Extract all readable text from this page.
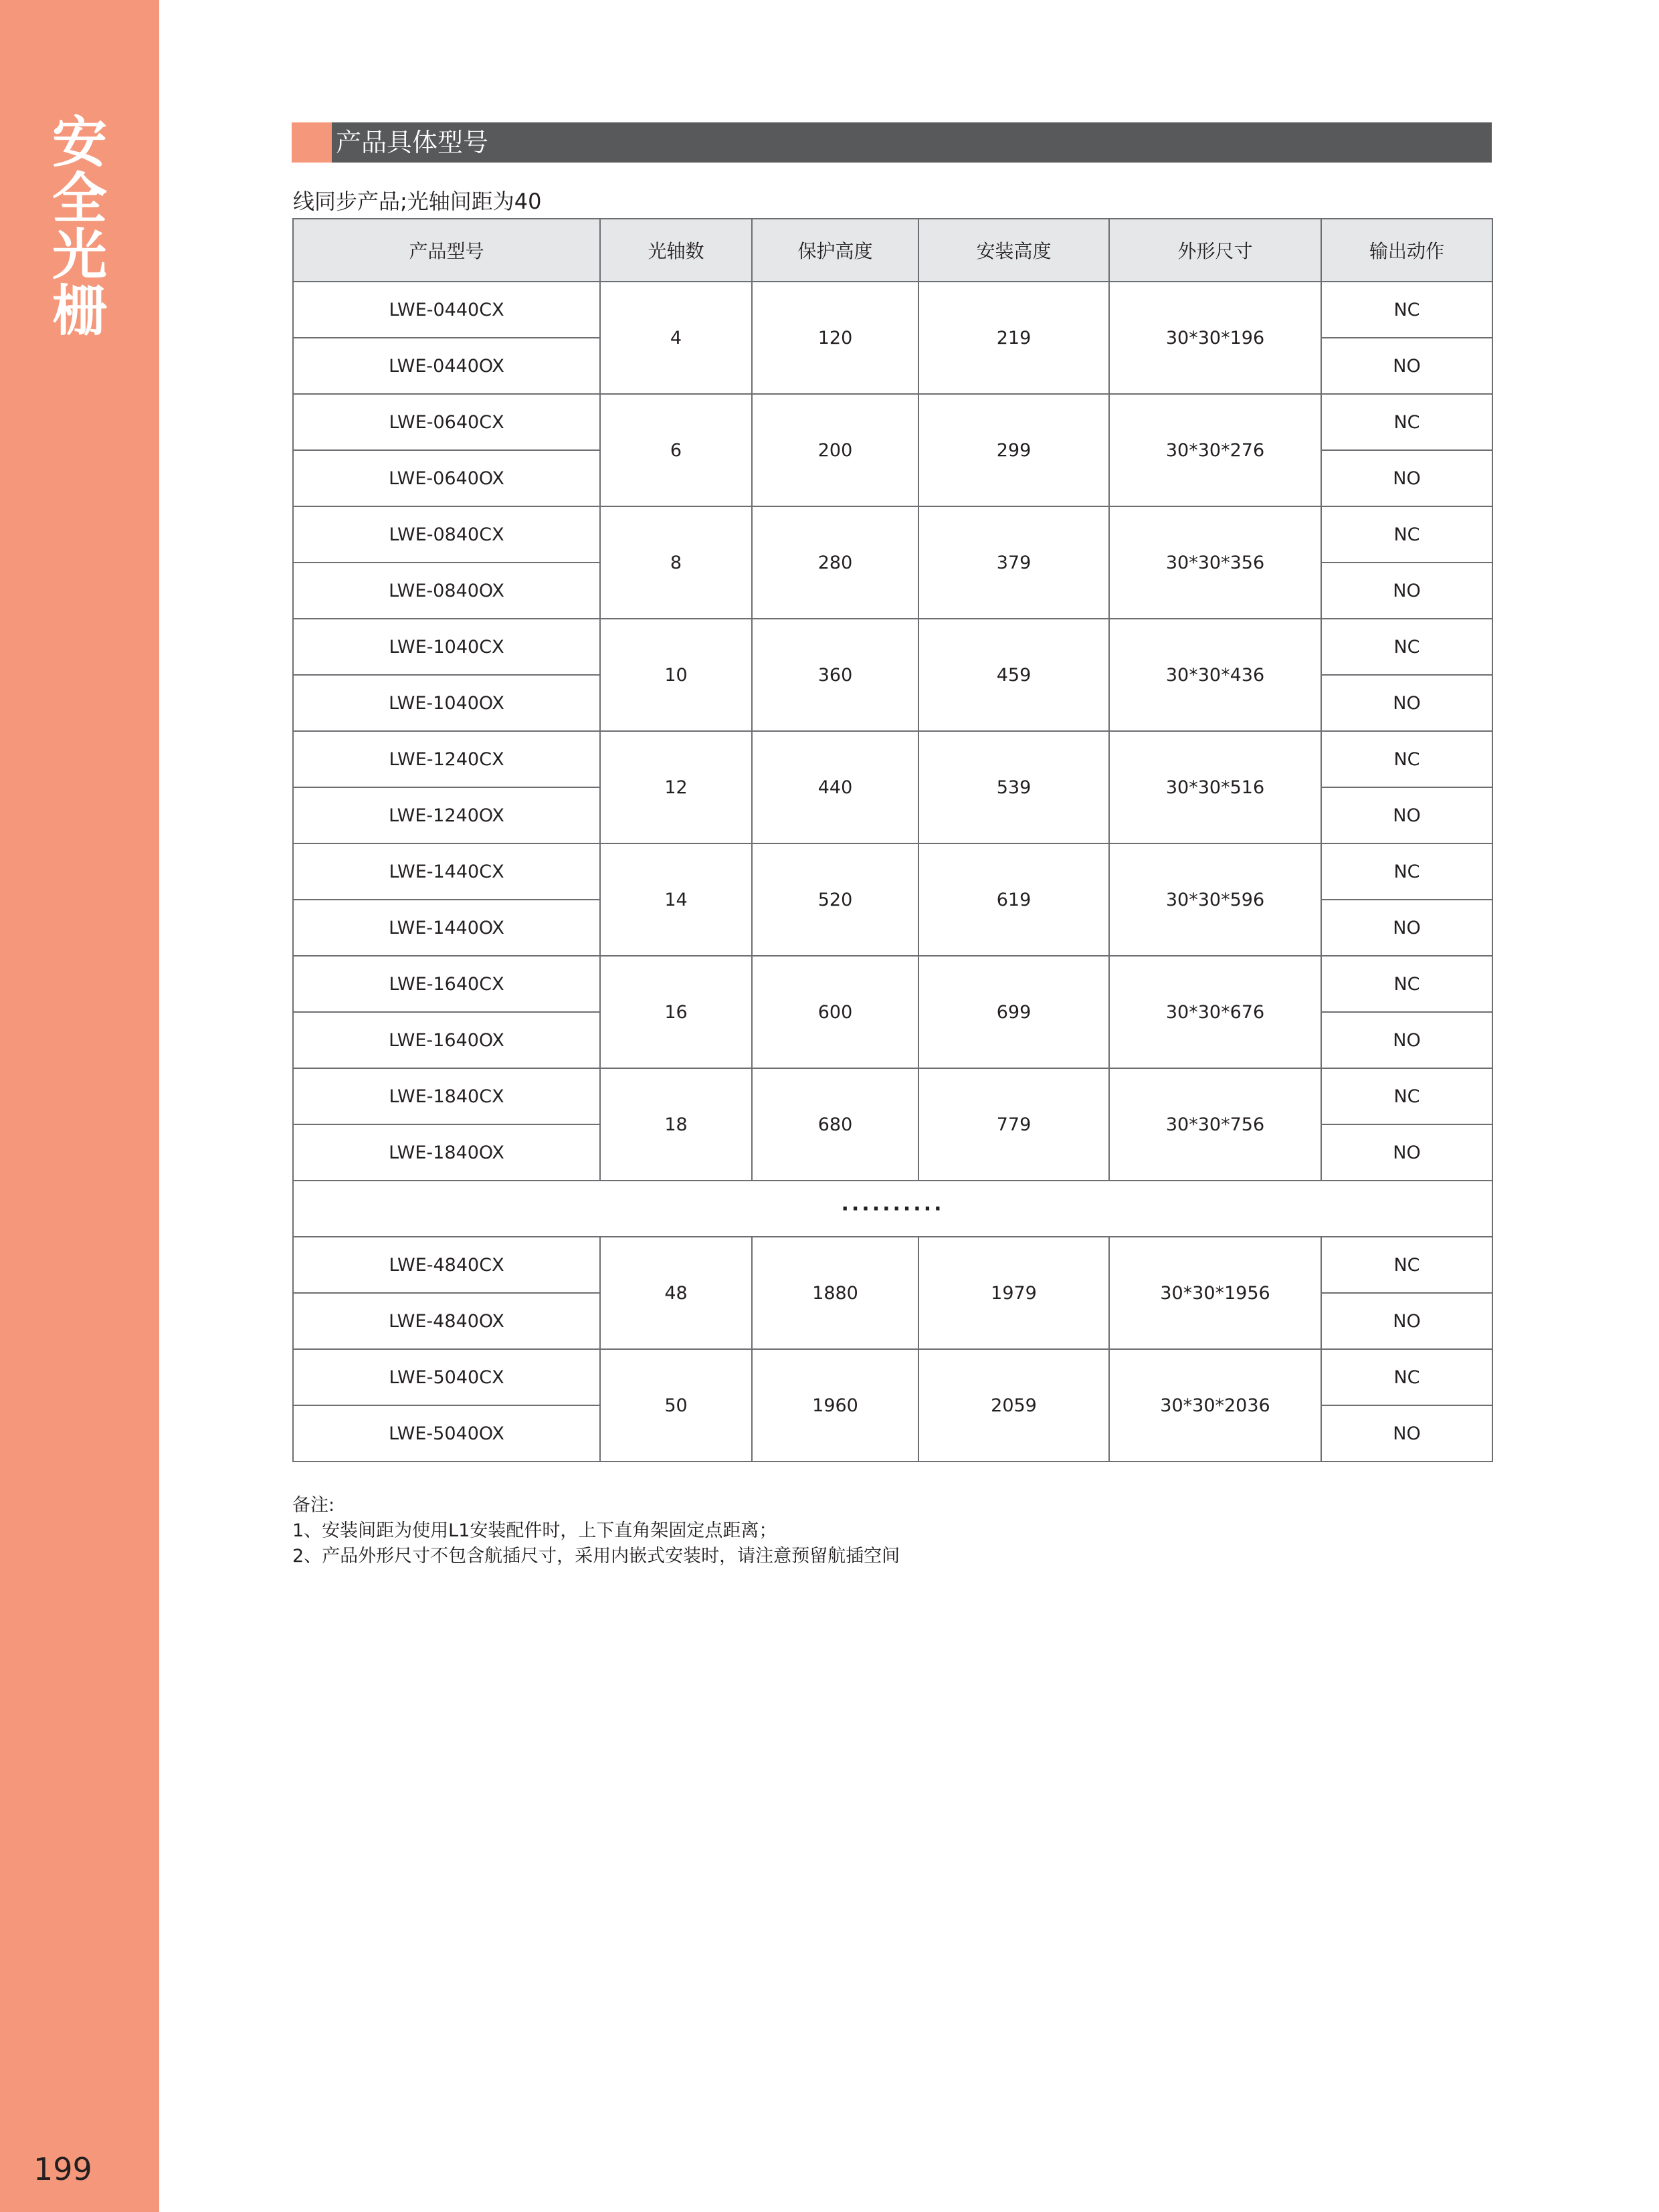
安
全
光
栅
199
产品具体型号
线同步产品;光轴间距为40
产品型号	光轴数	保护高度	安装高度	外形尺寸	输出动作
LWE-0440CX	4	120	219	30*30*196	NC
LWE-0440OX					NO
LWE-0640CX	6	200	299	30*30*276	NC
LWE-0640OX					NO
LWE-0840CX	8	280	379	30*30*356	NC
LWE-0840OX					NO
LWE-1040CX	10	360	459	30*30*436	NC
LWE-1040OX					NO
LWE-1240CX	12	440	539	30*30*516	NC
LWE-1240OX					NO
LWE-1440CX	14	520	619	30*30*596	NC
LWE-1440OX					NO
LWE-1640CX	16	600	699	30*30*676	NC
LWE-1640OX					NO
LWE-1840CX	18	680	779	30*30*756	NC
LWE-1840OX					NO
··········					
LWE-4840CX	48	1880	1979	30*30*1956	NC
LWE-4840OX					NO
LWE-5040CX	50	1960	2059	30*30*2036	NC
LWE-5040OX					NO
备注:
1、安装间距为使用L1安装配件时，上下直角架固定点距离；
2、产品外形尺寸不包含航插尺寸，采用内嵌式安装时，请注意预留航插空间
